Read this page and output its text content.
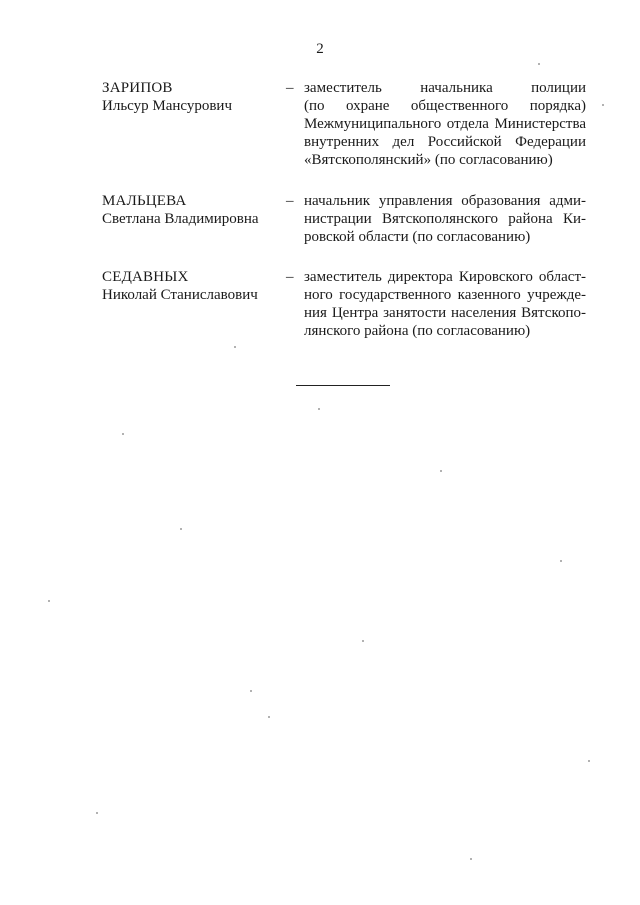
2
ЗАРИПОВ
Ильсур Мансурович
– заместитель начальника полиции
(по охране общественного порядка)
Межмуниципального отдела Министерства
внутренних дел Российской Федерации
«Вятскополянский» (по согласованию)
МАЛЬЦЕВА
Светлана Владимировна
– начальник управления образования адми-
нистрации Вятскополянского района Ки-
ровской области (по согласованию)
СЕДАВНЫХ
Николай Станиславович
– заместитель директора Кировского област-
ного государственного казенного учрежде-
ния Центра занятости населения Вятскопо-
лянского района (по согласованию)
